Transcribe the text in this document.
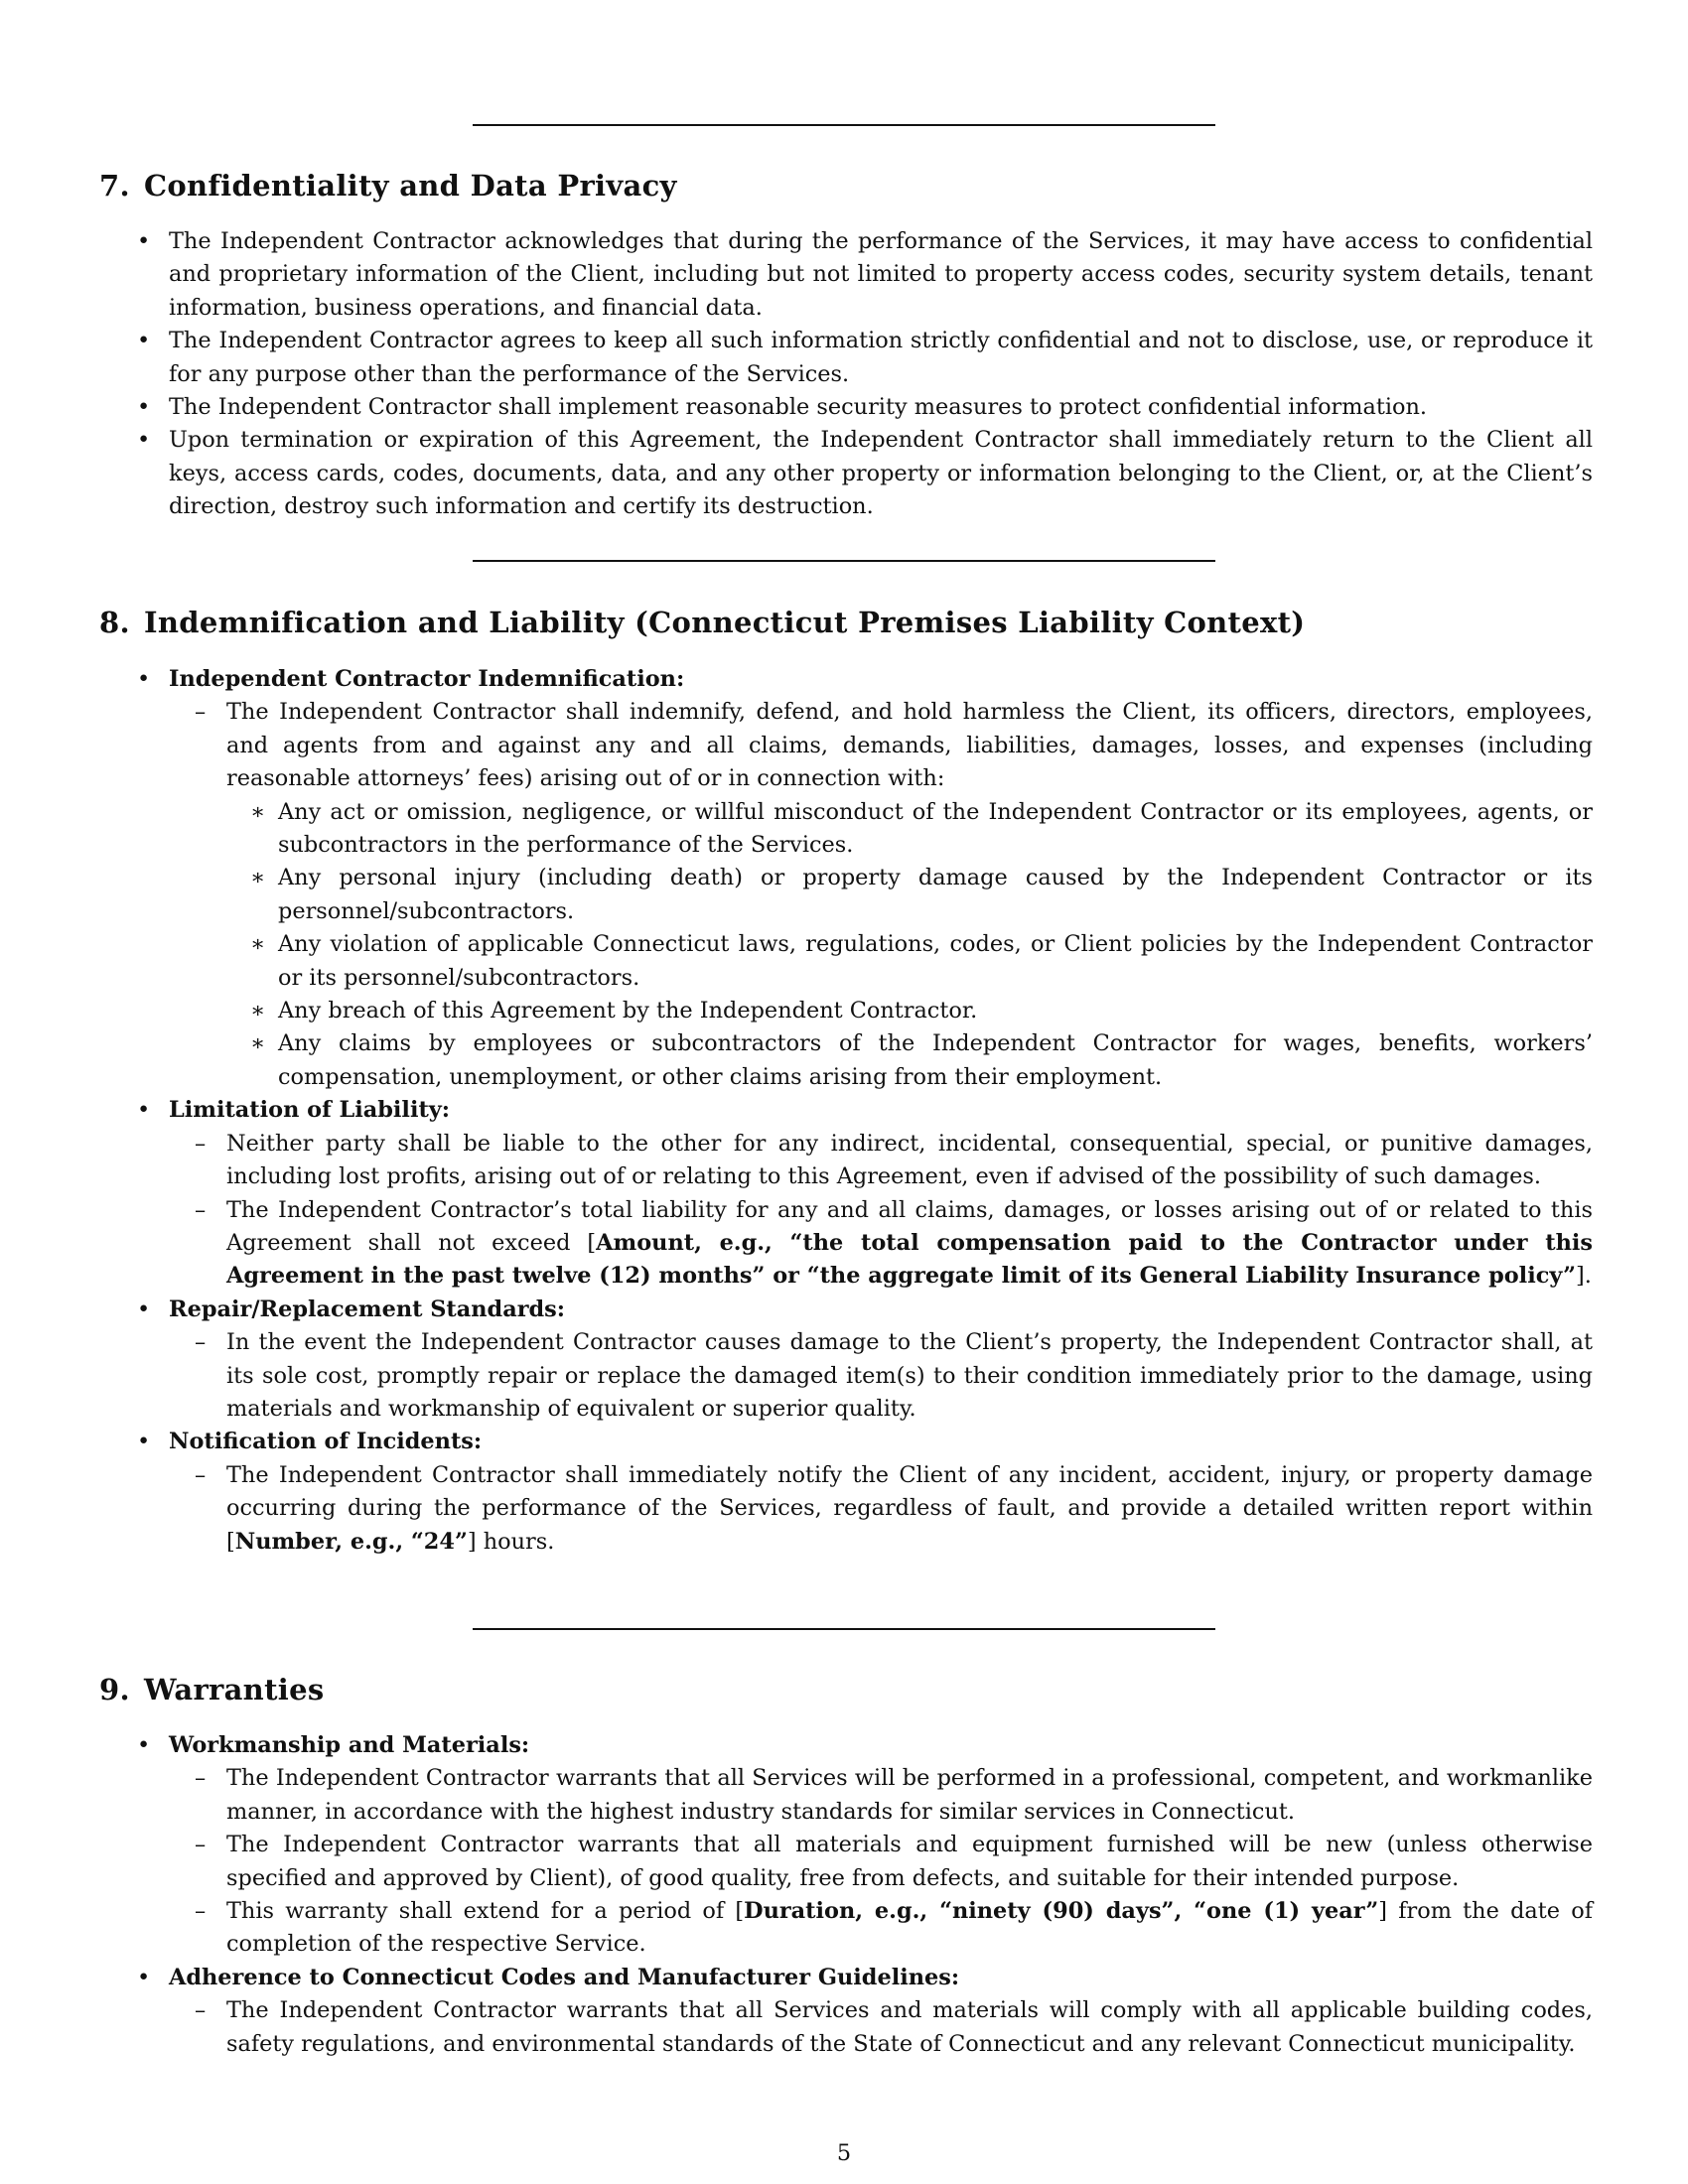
7. Confidentiality and Data Privacy

• The Independent Contractor acknowledges that during the performance of the Services, it may have access to confidential and proprietary information of the Client, including but not limited to property access codes, security system details, tenant information, business operations, and financial data.

• The Independent Contractor agrees to keep all such information strictly confidential and not to disclose, use, or reproduce it for any purpose other than the performance of the Services.

• The Independent Contractor shall implement reasonable security measures to protect confidential information.

• Upon termination or expiration of this Agreement, the Independent Contractor shall immediately return to the Client all keys, access cards, codes, documents, data, and any other property or information belonging to the Client, or, at the Client’s direction, destroy such information and certify its destruction.

8. Indemnification and Liability (Connecticut Premises Liability Context)
• Independent Contractor Indemnification:

– The Independent Contractor shall indemnify, defend, and hold harmless the Client, its officers, directors, employees, and agents from and against any and all claims, demands, liabilities, damages, losses, and expenses (including reasonable attorneys’ fees) arising out of or in connection with:

∗ Any act or omission, negligence, or willful misconduct of the Independent Contractor or its employees, agents, or subcontractors in the performance of the Services.

∗ Any personal injury (including death) or property damage caused by the Independent Contractor or its personnel/subcontractors.

∗ Any violation of applicable Connecticut laws, regulations, codes, or Client policies by the Independent Contractor or its personnel/subcontractors.

∗ Any breach of this Agreement by the Independent Contractor.

∗ Any claims by employees or subcontractors of the Independent Contractor for wages, benefits, workers’ compensation, unemployment, or other claims arising from their employment.

• Limitation of Liability:

– Neither party shall be liable to the other for any indirect, incidental, consequential, special, or punitive damages, including lost profits, arising out of or relating to this Agreement, even if advised of the possibility of such damages.

– The Independent Contractor’s total liability for any and all claims, damages, or losses arising out of or related to this Agreement shall not exceed [Amount, e.g., “the total compensation paid to the Contractor under this Agreement in the past twelve (12) months” or “the aggregate limit of its General Liability Insurance policy”].

• Repair/Replacement Standards:

– In the event the Independent Contractor causes damage to the Client’s property, the Independent Contractor shall, at its sole cost, promptly repair or replace the damaged item(s) to their condition immediately prior to the damage, using materials and workmanship of equivalent or superior quality.

• Notification of Incidents:

– The Independent Contractor shall immediately notify the Client of any incident, accident, injury, or property damage occurring during the performance of the Services, regardless of fault, and provide a detailed written report within [Number, e.g., “24”] hours.

9. Warranties
• Workmanship and Materials:

– The Independent Contractor warrants that all Services will be performed in a professional, competent, and workmanlike manner, in accordance with the highest industry standards for similar services in Connecticut.

– The Independent Contractor warrants that all materials and equipment furnished will be new (unless otherwise specified and approved by Client), of good quality, free from defects, and suitable for their intended purpose.

– This warranty shall extend for a period of [Duration, e.g., “ninety (90) days”, “one (1) year”] from the date of completion of the respective Service.

• Adherence to Connecticut Codes and Manufacturer Guidelines:

– The Independent Contractor warrants that all Services and materials will comply with all applicable building codes, safety regulations, and environmental standards of the State of Connecticut and any relevant Connecticut municipality.

5
